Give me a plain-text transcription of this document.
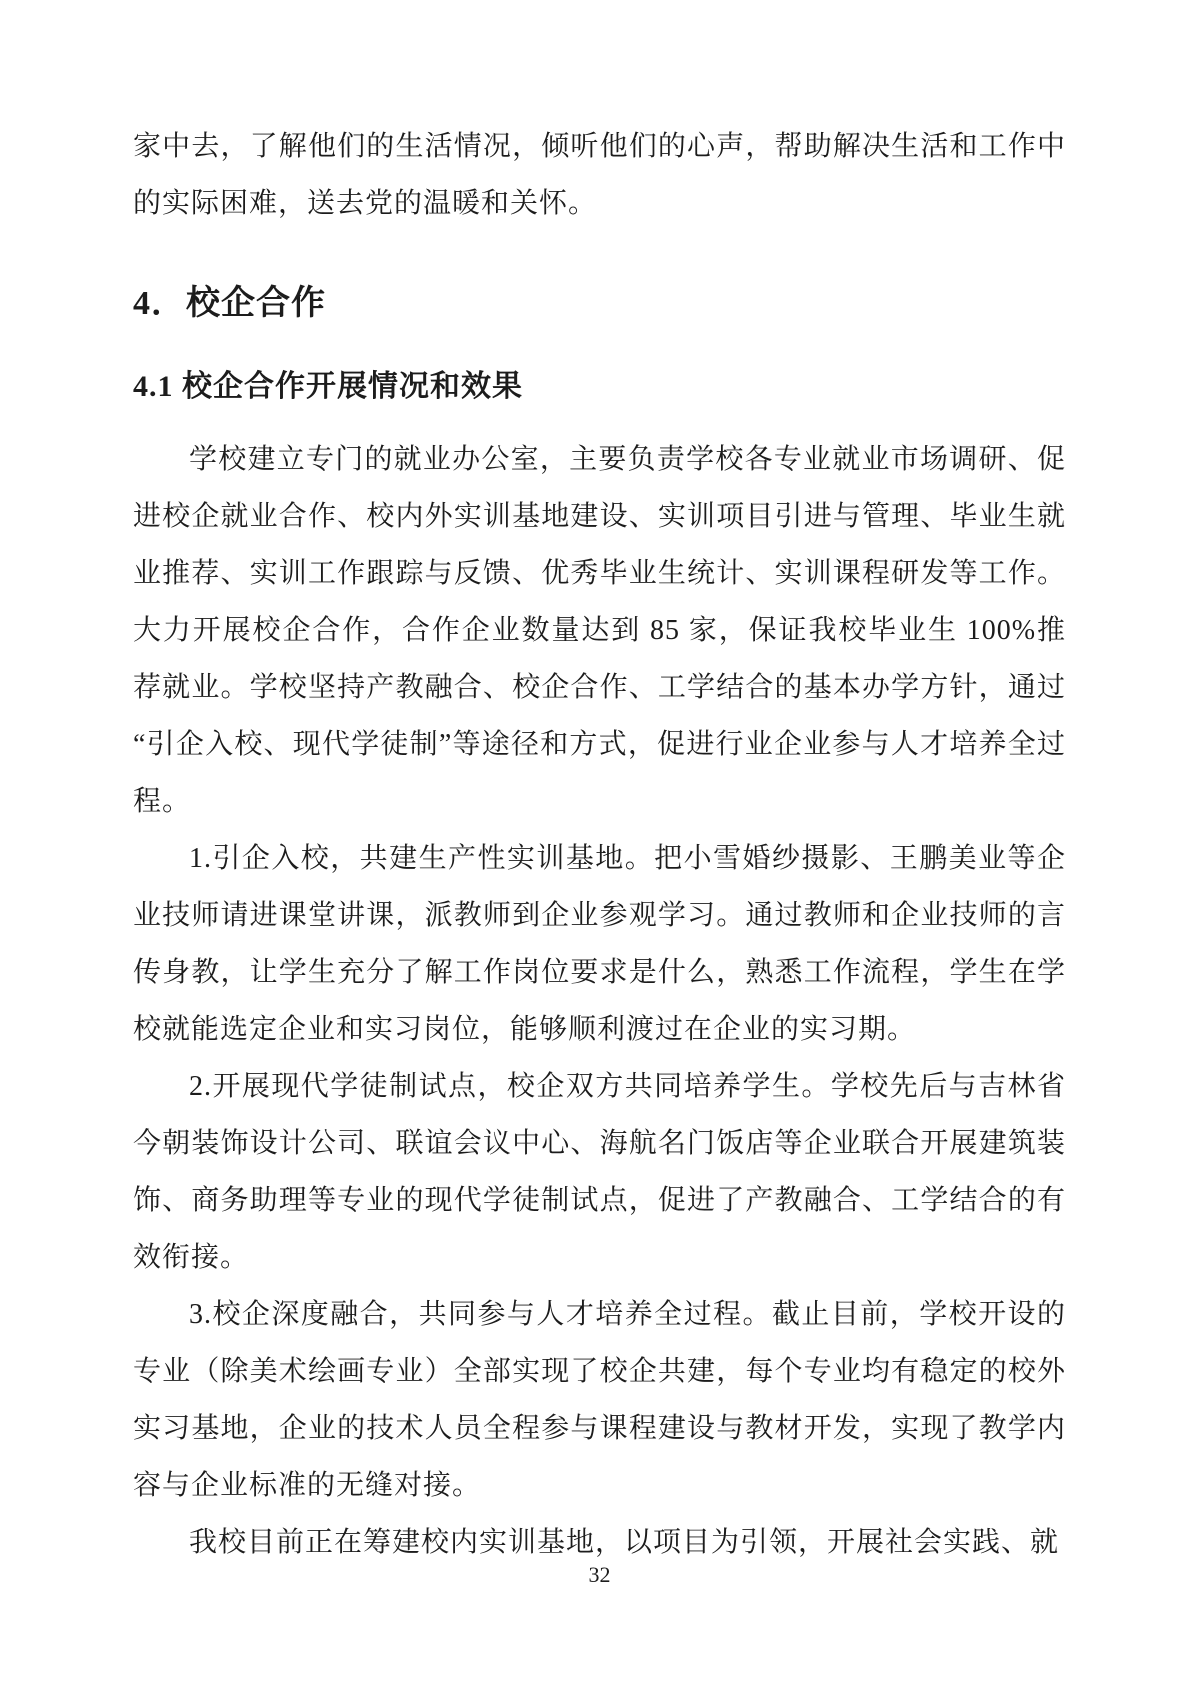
家中去，了解他们的生活情况，倾听他们的心声，帮助解决生活和工作中的实际困难，送去党的温暖和关怀。

4．校企合作
4.1 校企合作开展情况和效果

学校建立专门的就业办公室，主要负责学校各专业就业市场调研、促进校企就业合作、校内外实训基地建设、实训项目引进与管理、毕业生就业推荐、实训工作跟踪与反馈、优秀毕业生统计、实训课程研发等工作。大力开展校企合作，合作企业数量达到 85 家，保证我校毕业生 100%推荐就业。学校坚持产教融合、校企合作、工学结合的基本办学方针，通过“引企入校、现代学徒制”等途径和方式，促进行业企业参与人才培养全过程。

1.引企入校，共建生产性实训基地。把小雪婚纱摄影、王鹏美业等企业技师请进课堂讲课，派教师到企业参观学习。通过教师和企业技师的言传身教，让学生充分了解工作岗位要求是什么，熟悉工作流程，学生在学校就能选定企业和实习岗位，能够顺利渡过在企业的实习期。

2.开展现代学徒制试点，校企双方共同培养学生。学校先后与吉林省今朝装饰设计公司、联谊会议中心、海航名门饭店等企业联合开展建筑装饰、商务助理等专业的现代学徒制试点，促进了产教融合、工学结合的有效衔接。

3.校企深度融合，共同参与人才培养全过程。截止目前，学校开设的专业（除美术绘画专业）全部实现了校企共建，每个专业均有稳定的校外实习基地，企业的技术人员全程参与课程建设与教材开发，实现了教学内容与企业标准的无缝对接。

我校目前正在筹建校内实训基地，以项目为引领，开展社会实践、就

32
